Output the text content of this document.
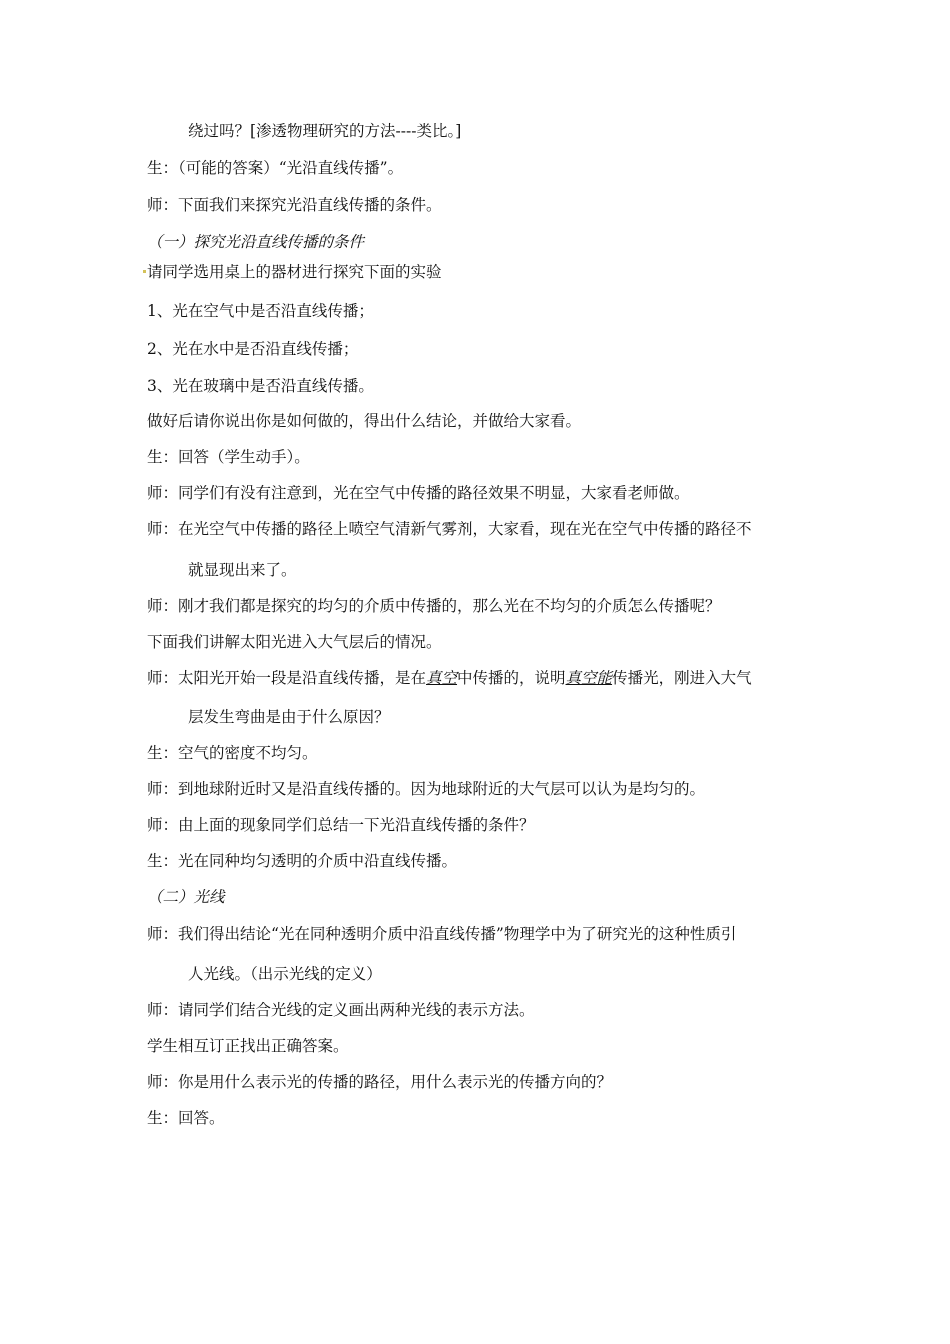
绕过吗？[渗透物理研究的方法----类比。]
生：（可能的答案）“光沿直线传播”。
师：下面我们来探究光沿直线传播的条件。
（一）探究光沿直线传播的条件
请同学选用桌上的器材进行探究下面的实验
1、光在空气中是否沿直线传播；
2、光在水中是否沿直线传播；
3、光在玻璃中是否沿直线传播。
做好后请你说出你是如何做的，得出什么结论，并做给大家看。
生：回答（学生动手）。
师：同学们有没有注意到，光在空气中传播的路径效果不明显，大家看老师做。
师：在光空气中传播的路径上喷空气清新气雾剂，大家看，现在光在空气中传播的路径不
就显现出来了。
师：刚才我们都是探究的均匀的介质中传播的，那么光在不均匀的介质怎么传播呢？
下面我们讲解太阳光进入大气层后的情况。
师：太阳光开始一段是沿直线传播，是在真空中传播的，说明真空能传播光，刚进入大气
层发生弯曲是由于什么原因？
生：空气的密度不均匀。
师：到地球附近时又是沿直线传播的。因为地球附近的大气层可以认为是均匀的。
师：由上面的现象同学们总结一下光沿直线传播的条件？
生：光在同种均匀透明的介质中沿直线传播。
（二）光线
师：我们得出结论“光在同种透明介质中沿直线传播”物理学中为了研究光的这种性质引
人光线。（出示光线的定义）
师：请同学们结合光线的定义画出两种光线的表示方法。
学生相互订正找出正确答案。
师：你是用什么表示光的传播的路径，用什么表示光的传播方向的？
生：回答。
